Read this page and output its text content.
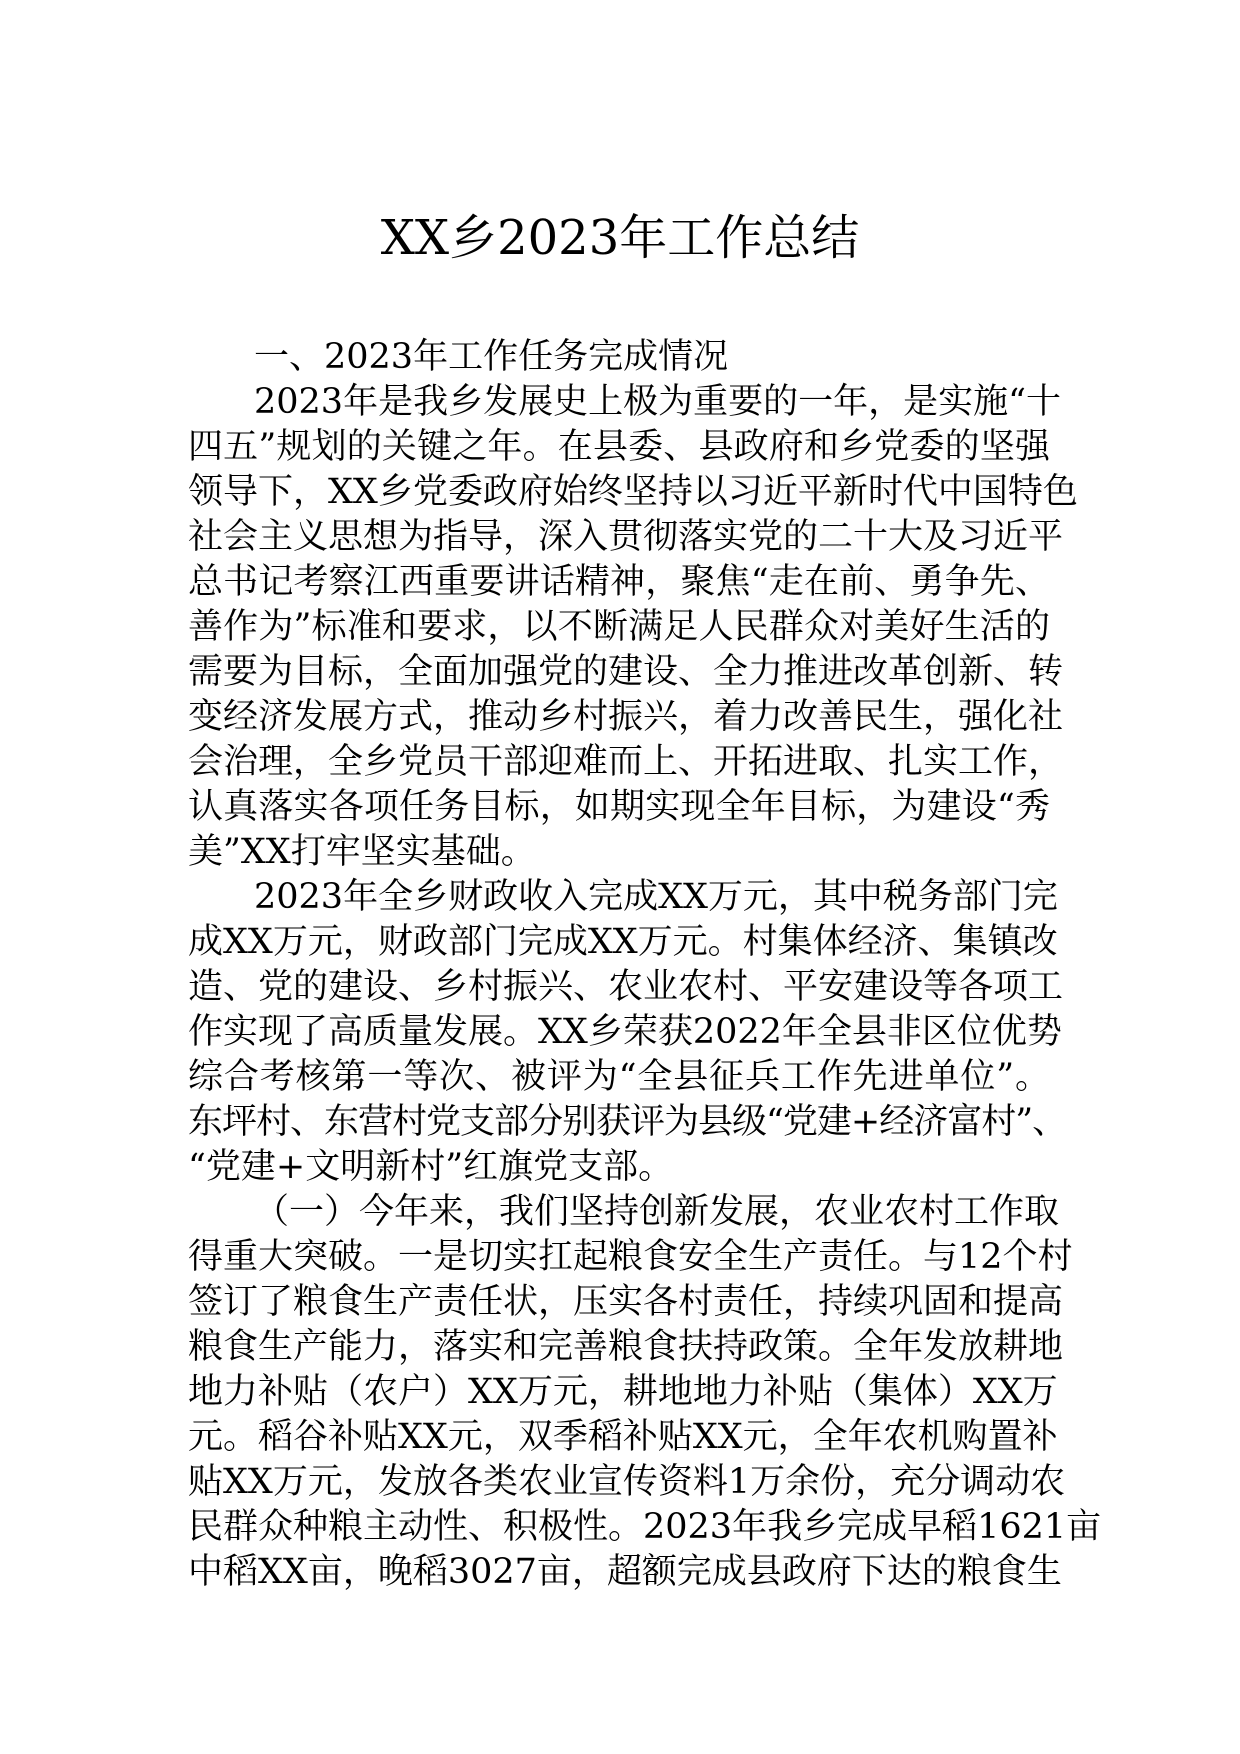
XX乡2023年工作总结
一、2023年工作任务完成情况
2023年是我乡发展史上极为重要的一年，是实施“十
四五”规划的关键之年。在县委、县政府和乡党委的坚强
领导下，XX乡党委政府始终坚持以习近平新时代中国特色
社会主义思想为指导，深入贯彻落实党的二十大及习近平
总书记考察江西重要讲话精神，聚焦“走在前、勇争先、
善作为”标准和要求，以不断满足人民群众对美好生活的
需要为目标，全面加强党的建设、全力推进改革创新、转
变经济发展方式，推动乡村振兴，着力改善民生，强化社
会治理，全乡党员干部迎难而上、开拓进取、扎实工作，
认真落实各项任务目标，如期实现全年目标，为建设“秀
美”XX打牢坚实基础。
2023年全乡财政收入完成XX万元，其中税务部门完
成XX万元，财政部门完成XX万元。村集体经济、集镇改
造、党的建设、乡村振兴、农业农村、平安建设等各项工
作实现了高质量发展。XX乡荣获2022年全县非区位优势
综合考核第一等次、被评为“全县征兵工作先进单位”。
东坪村、东营村党支部分别获评为县级“党建+经济富村”、
“党建+文明新村”红旗党支部。
（一）今年来，我们坚持创新发展，农业农村工作取
得重大突破。一是切实扛起粮食安全生产责任。与12个村
签订了粮食生产责任状，压实各村责任，持续巩固和提高
粮食生产能力，落实和完善粮食扶持政策。全年发放耕地
地力补贴（农户）XX万元，耕地地力补贴（集体）XX万
元。稻谷补贴XX元，双季稻补贴XX元，全年农机购置补
贴XX万元，发放各类农业宣传资料1万余份，充分调动农
民群众种粮主动性、积极性。2023年我乡完成早稻1621亩
中稻XX亩，晚稻3027亩，超额完成县政府下达的粮食生
